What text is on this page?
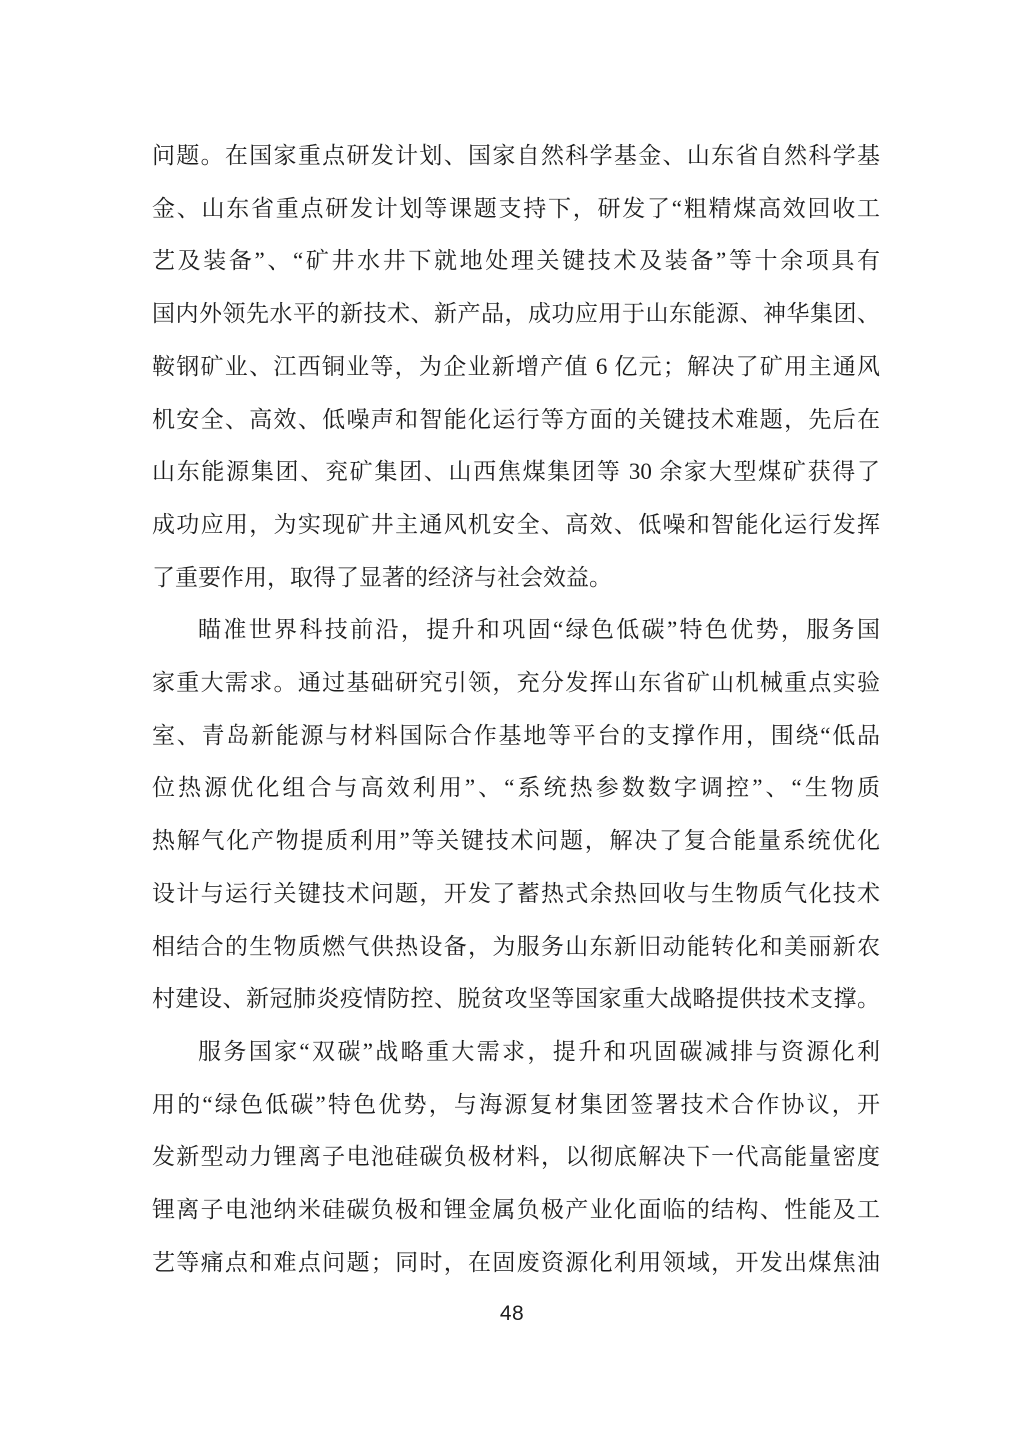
问题。在国家重点研发计划、国家自然科学基金、山东省自然科学基
金、山东省重点研发计划等课题支持下，研发了“粗精煤高效回收工
艺及装备”、“矿井水井下就地处理关键技术及装备”等十余项具有
国内外领先水平的新技术、新产品，成功应用于山东能源、神华集团、
鞍钢矿业、江西铜业等，为企业新增产值 6 亿元；解决了矿用主通风
机安全、高效、低噪声和智能化运行等方面的关键技术难题，先后在
山东能源集团、兖矿集团、山西焦煤集团等 30 余家大型煤矿获得了
成功应用，为实现矿井主通风机安全、高效、低噪和智能化运行发挥
了重要作用，取得了显著的经济与社会效益。
瞄准世界科技前沿，提升和巩固“绿色低碳”特色优势，服务国
家重大需求。通过基础研究引领，充分发挥山东省矿山机械重点实验
室、青岛新能源与材料国际合作基地等平台的支撑作用，围绕“低品
位热源优化组合与高效利用”、“系统热参数数字调控”、“生物质
热解气化产物提质利用”等关键技术问题，解决了复合能量系统优化
设计与运行关键技术问题，开发了蓄热式余热回收与生物质气化技术
相结合的生物质燃气供热设备，为服务山东新旧动能转化和美丽新农
村建设、新冠肺炎疫情防控、脱贫攻坚等国家重大战略提供技术支撑。
服务国家“双碳”战略重大需求，提升和巩固碳减排与资源化利
用的“绿色低碳”特色优势，与海源复材集团签署技术合作协议，开
发新型动力锂离子电池硅碳负极材料，以彻底解决下一代高能量密度
锂离子电池纳米硅碳负极和锂金属负极产业化面临的结构、性能及工
艺等痛点和难点问题；同时，在固废资源化利用领域，开发出煤焦油
48
